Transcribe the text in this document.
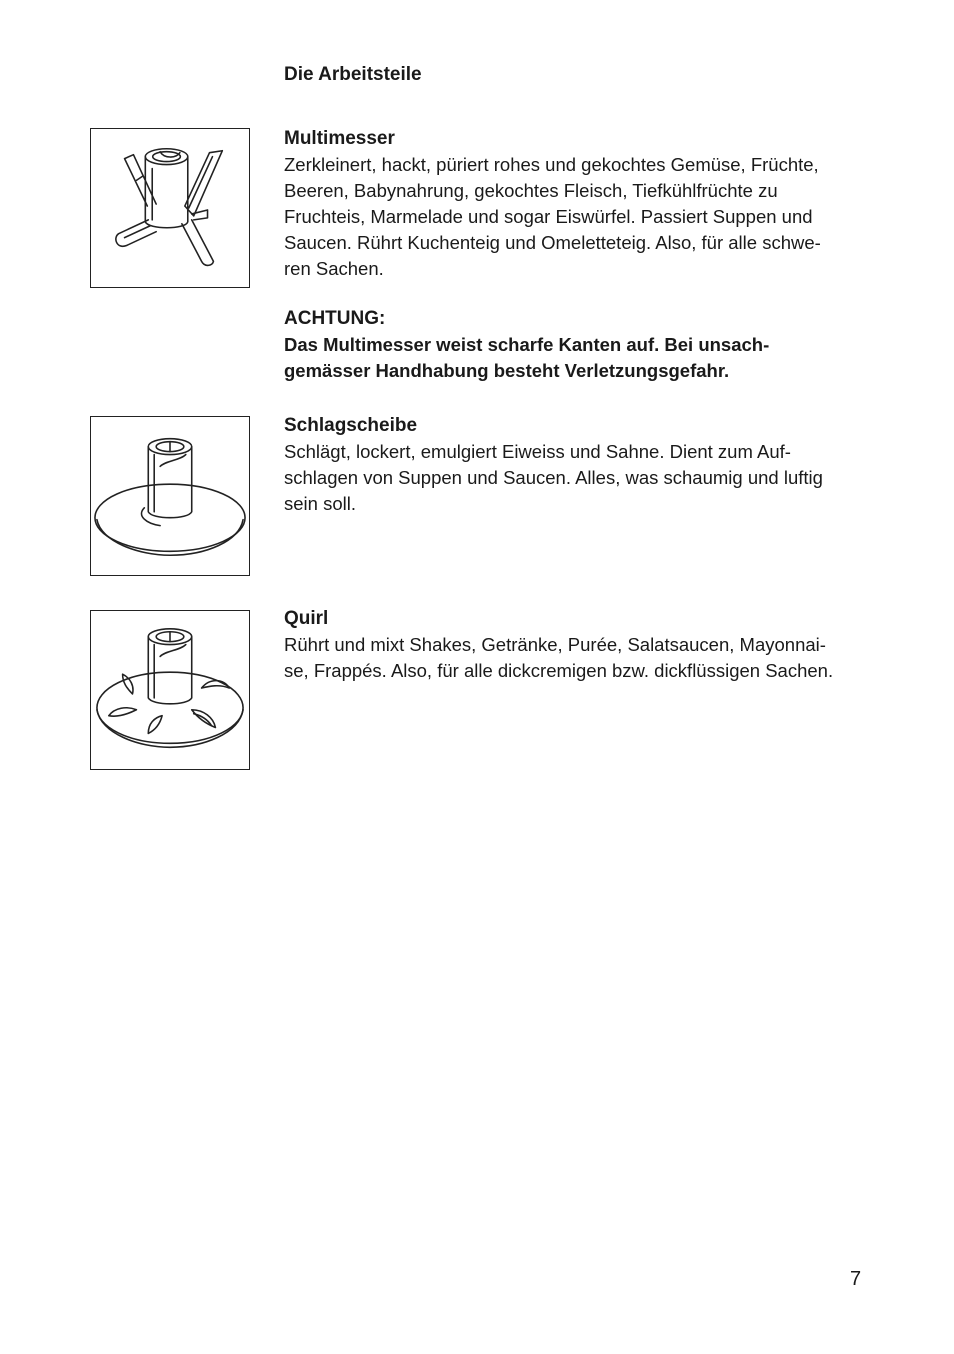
Die Arbeitsteile
Multimesser

Zerkleinert, hackt, püriert rohes und gekochtes Gemüse, Früchte,
Beeren, Babynahrung, gekochtes Fleisch, Tiefkühlfrüchte zu
Fruchteis, Marmelade und sogar Eiswürfel. Passiert Suppen und
Saucen. Rührt Kuchenteig und Omeletteteig. Also, für alle schwe-
ren Sachen.

ACHTUNG:

Das Multimesser weist scharfe Kanten auf. Bei unsach-
gemässer Handhabung besteht Verletzungsgefahr.

Schlagscheibe

Schlägt, lockert, emulgiert Eiweiss und Sahne. Dient zum Auf-
schlagen von Suppen und Saucen. Alles, was schaumig und luftig
sein soll.

Quirl

Rührt und mixt Shakes, Getränke, Purée, Salatsaucen, Mayonnai-
se, Frappés. Also, für alle dickcremigen bzw. dickflüssigen Sachen.

7
